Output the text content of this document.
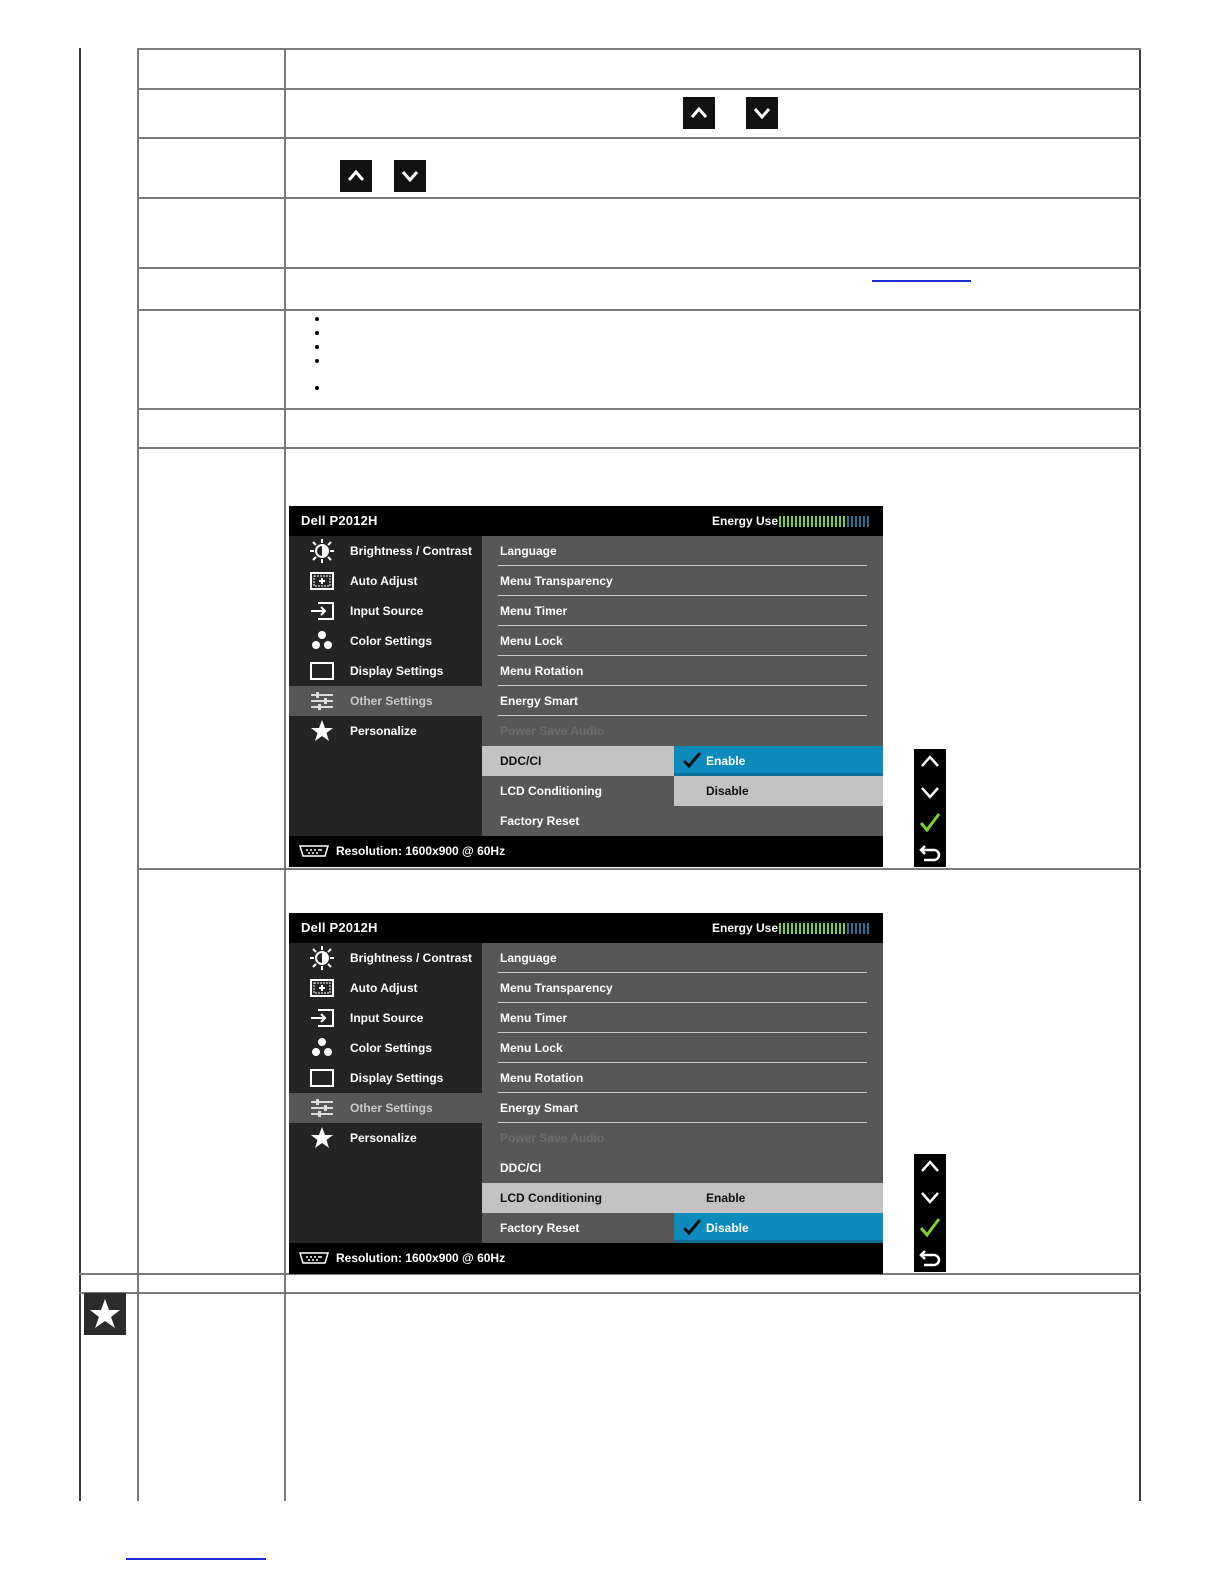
Dell P2012H	Energy Use
Brightness / Contrast
Auto Adjust
Input Source
Color Settings
Display Settings
Other Settings
Personalize
Language
Menu Transparency
Menu Timer
Menu Lock
Menu Rotation
Energy Smart
Power Save Audio
DDC/CI
LCD Conditioning
Factory Reset
Enable
Disable
Resolution: 1600x900 @ 60Hz
Dell P2012H	Energy Use
Brightness / Contrast
Auto Adjust
Input Source
Color Settings
Display Settings
Other Settings
Personalize
Language
Menu Transparency
Menu Timer
Menu Lock
Menu Rotation
Energy Smart
Power Save Audio
DDC/CI
LCD Conditioning
Factory Reset
Enable
Disable
Resolution: 1600x900 @ 60Hz
